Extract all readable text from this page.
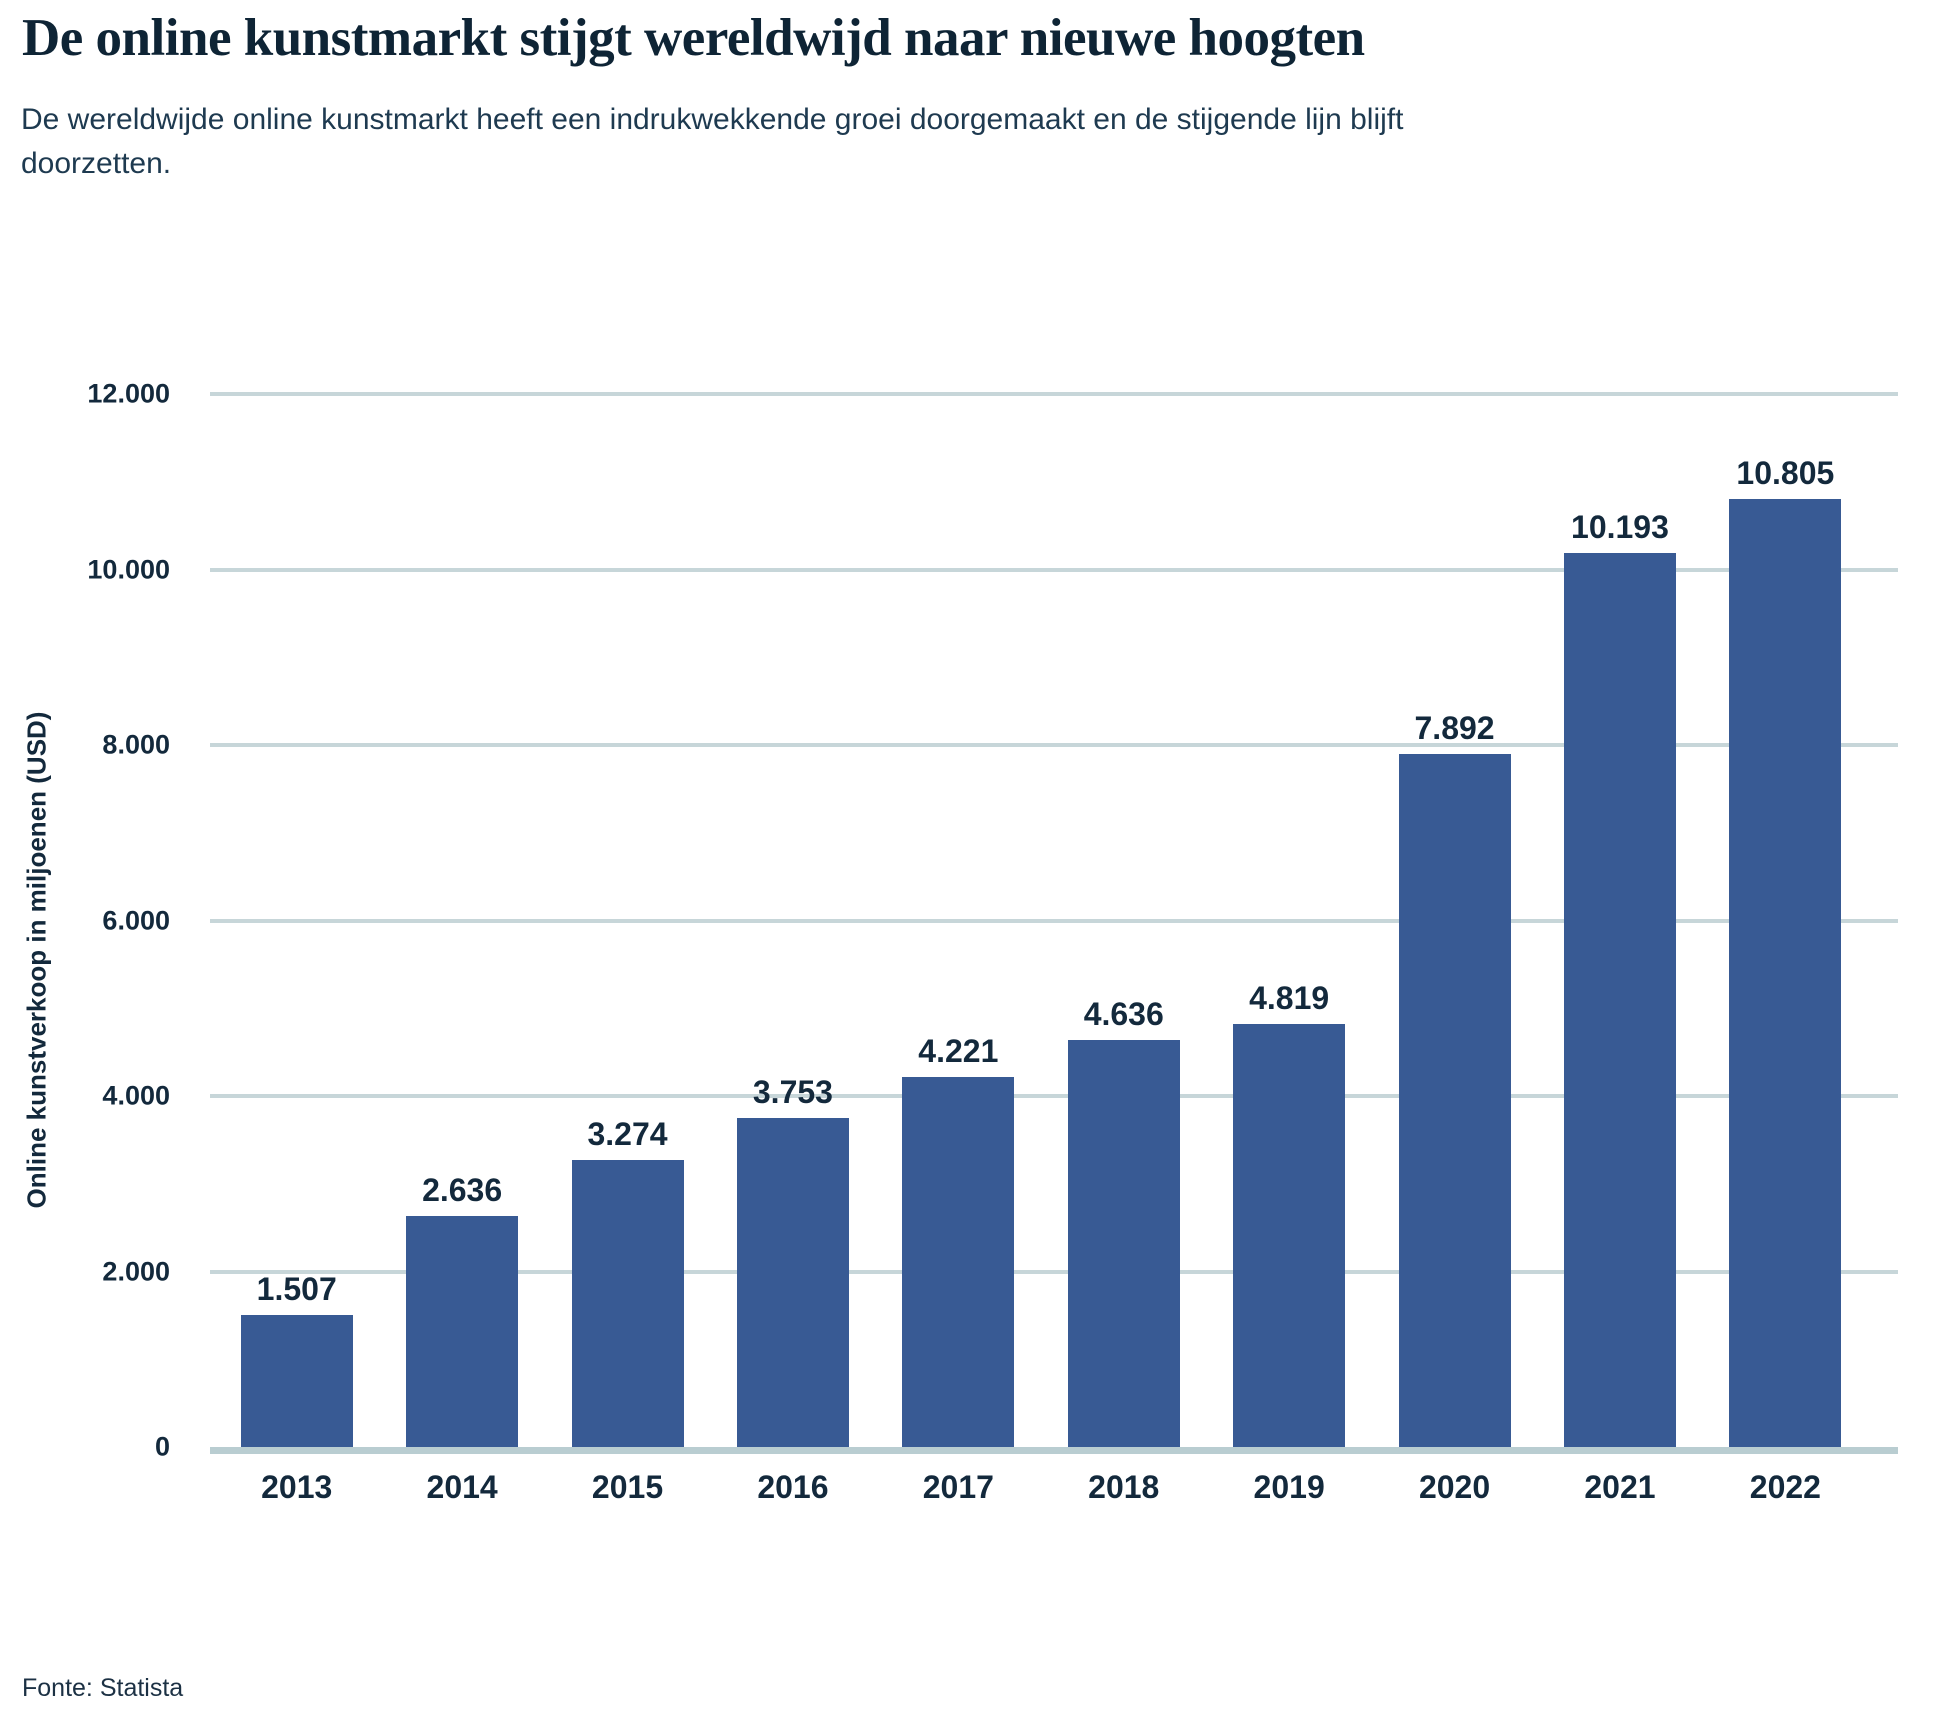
De online kunstmarkt stijgt wereldwijd naar nieuwe hoogten

De wereldwijde online kunstmarkt heeft een indrukwekkende groei doorgemaakt en de stijgende lijn blijft doorzetten.

Online kunstverkoop in miljoenen (USD)
0
2.000
4.000
6.000
8.000
10.000
12.000
1.507
2.636
3.274
3.753
4.221
4.636	4.819
7.892
10.193
10.805
2013	2014	2015	2016	2017	2018	2019	2020	2021	2022
Fonte: Statista
